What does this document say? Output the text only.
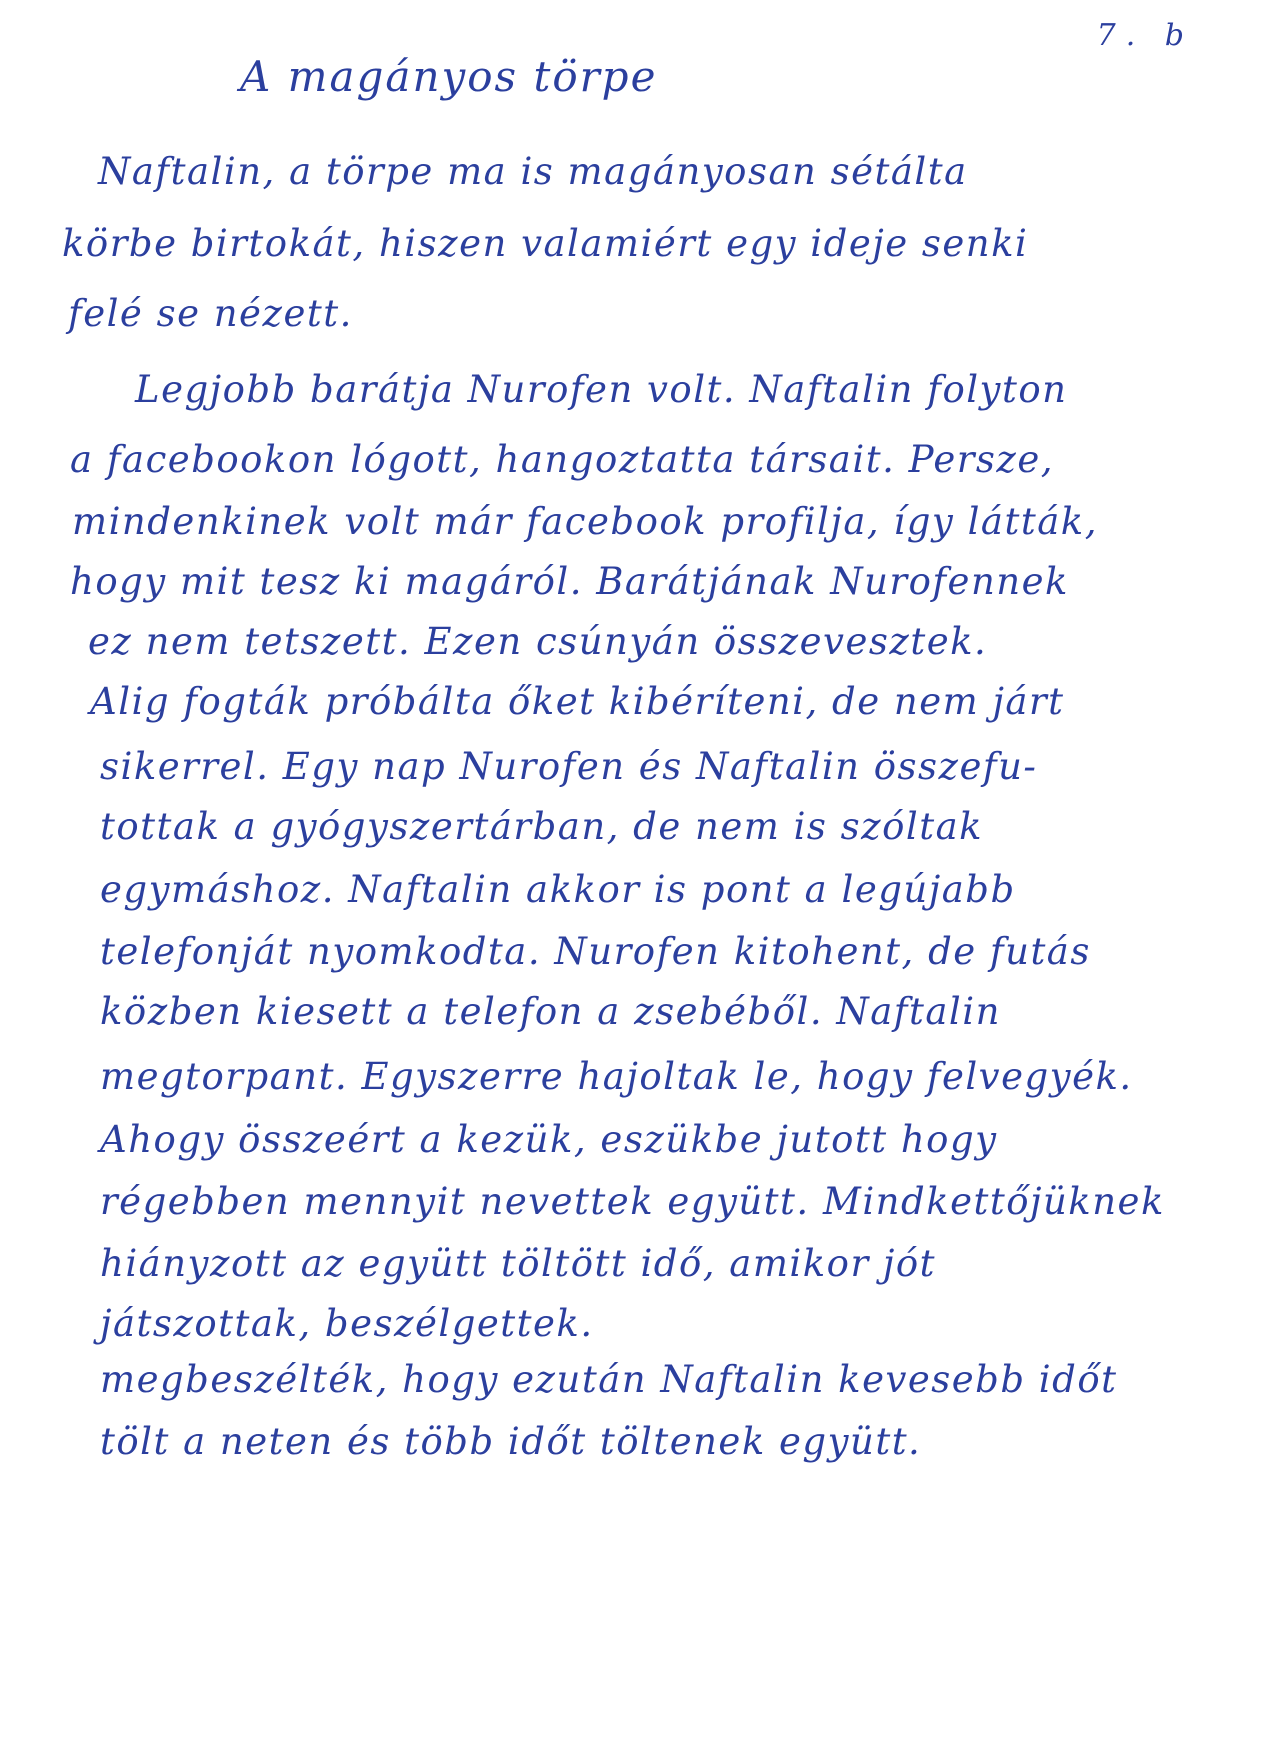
7. b
A magányos törpe
Naftalin, a törpe ma is magányosan sétálta
körbe birtokát, hiszen valamiért egy ideje senki
felé se nézett.
Legjobb barátja Nurofen volt. Naftalin folyton
a facebookon lógott, hangoztatta társait. Persze,
mindenkinek volt már facebook profilja, így látták,
hogy mit tesz ki magáról. Barátjának Nurofennek
ez nem tetszett. Ezen csúnyán összevesztek.
Alig fogták próbálta őket kibéríteni, de nem járt
sikerrel. Egy nap Nurofen és Naftalin összefu-
tottak a gyógyszertárban, de nem is szóltak
egymáshoz. Naftalin akkor is pont a legújabb
telefonját nyomkodta. Nurofen kitohent, de futás
közben kiesett a telefon a zsebéből. Naftalin
megtorpant. Egyszerre hajoltak le, hogy felvegyék.
Ahogy összeért a kezük, eszükbe jutott hogy
régebben mennyit nevettek együtt. Mindkettőjüknek
hiányzott az együtt töltött idő, amikor jót
játszottak, beszélgettek.
megbeszélték, hogy ezután Naftalin kevesebb időt
tölt a neten és több időt töltenek együtt.
